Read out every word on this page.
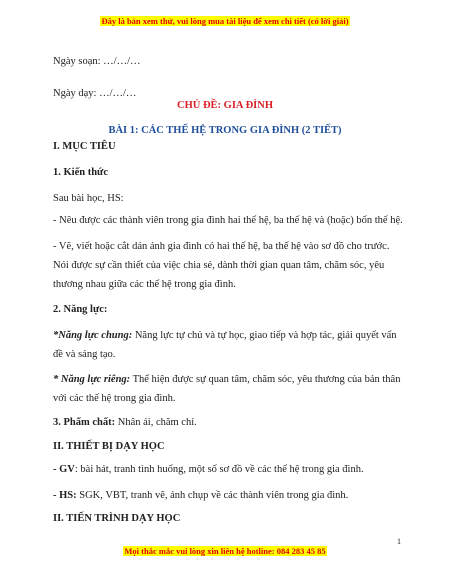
Đây là bản xem thử, vui lòng mua tài liệu để xem chi tiết (có lời giải)
Ngày soạn: …/…/…
Ngày dạy: …/…/…
CHỦ ĐỀ: GIA ĐÌNH
BÀI 1: CÁC THẾ HỆ TRONG GIA ĐÌNH (2 TIẾT)
I. MỤC TIÊU
1. Kiến thức
Sau bài học, HS:
- Nêu được các thành viên trong gia đình hai thế hệ, ba thế hệ và (hoặc) bốn thế hệ.
- Vẽ, viết hoặc cắt dán ảnh gia đình có hai thế hệ, ba thế hệ vào sơ đồ cho trước.
Nói được sự cần thiết của việc chia sẻ, dành thời gian quan tâm, chăm sóc, yêu
thương nhau giữa các thế hệ trong gia đình.
2. Năng lực:
*Năng lực chung: Năng lực tự chủ và tự học, giao tiếp và hợp tác, giải quyết vấn
đề và sáng tạo.
* Năng lực riêng: Thể hiện được sự quan tâm, chăm sóc, yêu thương của bản thân
với các thế hệ trong gia đình.
3. Phẩm chất: Nhân ái, chăm chỉ.
II. THIẾT BỊ DẠY HỌC
- GV: bài hát, tranh tình huống, một số sơ đồ về các thế hệ trong gia đình.
- HS: SGK, VBT, tranh vẽ, ảnh chụp về các thành viên trong gia đình.
II. TIẾN TRÌNH DẠY HỌC
1
Mọi thắc mắc vui lòng xin liên hệ hotline: 084 283 45 85
